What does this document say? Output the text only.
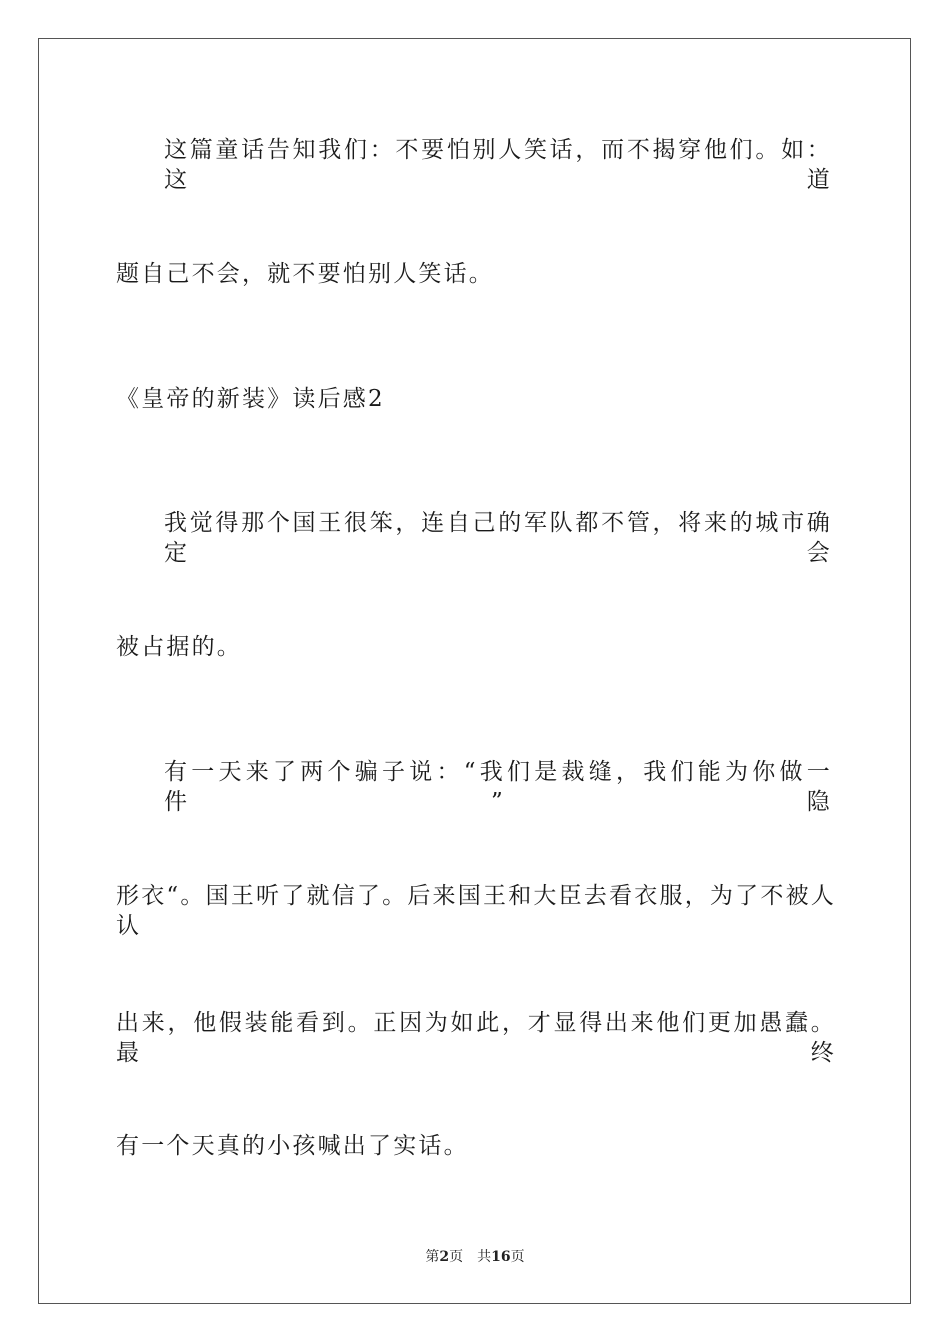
这篇童话告知我们：不要怕别人笑话，而不揭穿他们。如：这道
题自己不会，就不要怕别人笑话。
《皇帝的新装》读后感2
我觉得那个国王很笨，连自己的军队都不管，将来的城市确定会
被占据的。
有一天来了两个骗子说：“我们是裁缝，我们能为你做一件”隐
形衣“。国王听了就信了。后来国王和大臣去看衣服，为了不被人认
出来，他假装能看到。正因为如此，才显得出来他们更加愚蠢。最终
有一个天真的小孩喊出了实话。
第2页 共16页
